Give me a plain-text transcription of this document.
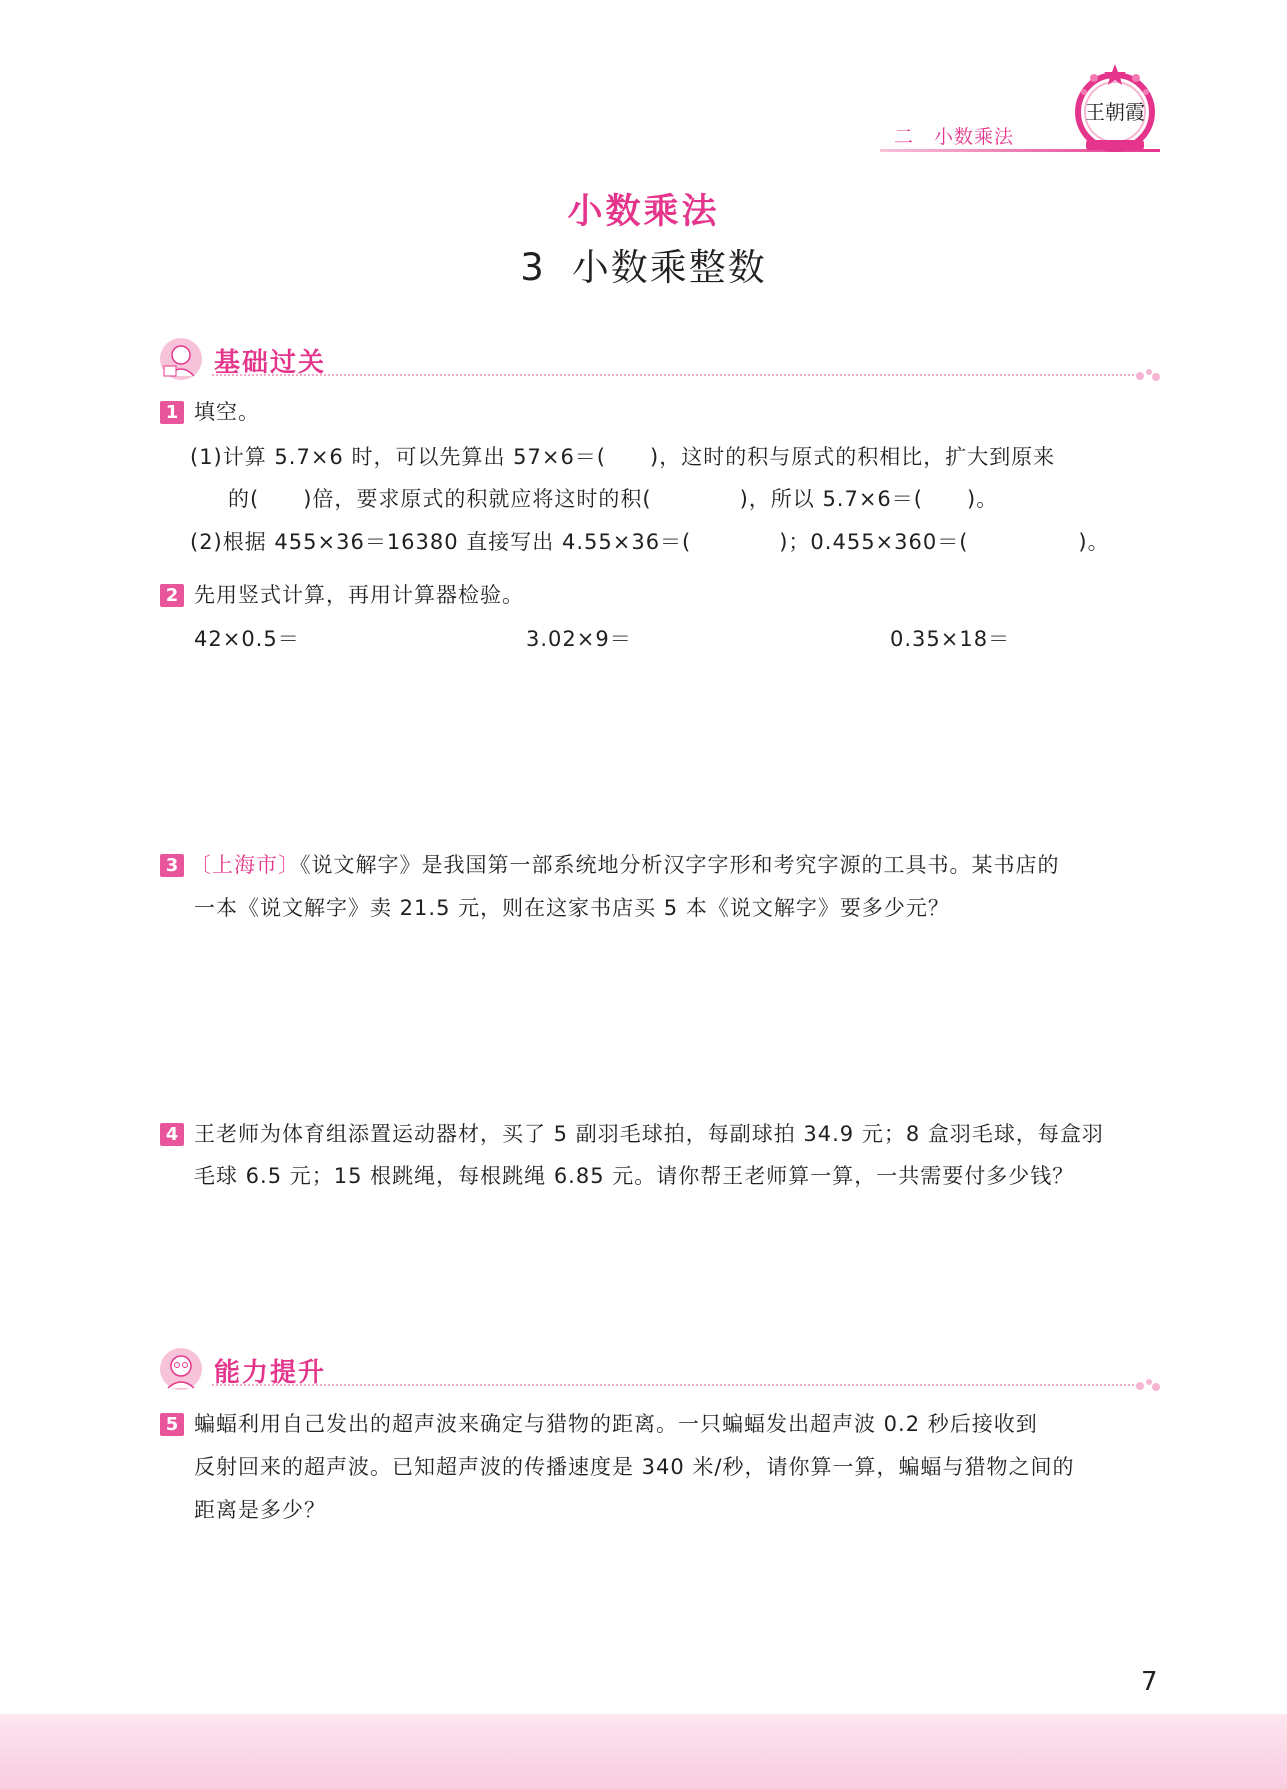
二　小数乘法
王朝霞
小数乘法
3 小数乘整数
基础过关
1 填空。
(1)计算 5.7×6 时，可以先算出 57×6＝(　　)，这时的积与原式的积相比，扩大到原来
的(　　)倍，要求原式的积就应将这时的积(　　　　)，所以 5.7×6＝(　　)。
(2)根据 455×36＝16380 直接写出 4.55×36＝(　　　　)；0.455×360＝(　　　　　)。
2 先用竖式计算，再用计算器检验。
42×0.5＝	3.02×9＝	0.35×18＝
3 〔上海市〕《说文解字》是我国第一部系统地分析汉字字形和考究字源的工具书。某书店的
一本《说文解字》卖 21.5 元，则在这家书店买 5 本《说文解字》要多少元？
4 王老师为体育组添置运动器材，买了 5 副羽毛球拍，每副球拍 34.9 元；8 盒羽毛球，每盒羽
毛球 6.5 元；15 根跳绳，每根跳绳 6.85 元。请你帮王老师算一算，一共需要付多少钱？
能力提升
5 蝙蝠利用自己发出的超声波来确定与猎物的距离。一只蝙蝠发出超声波 0.2 秒后接收到
反射回来的超声波。已知超声波的传播速度是 340 米/秒，请你算一算，蝙蝠与猎物之间的
距离是多少？
7
